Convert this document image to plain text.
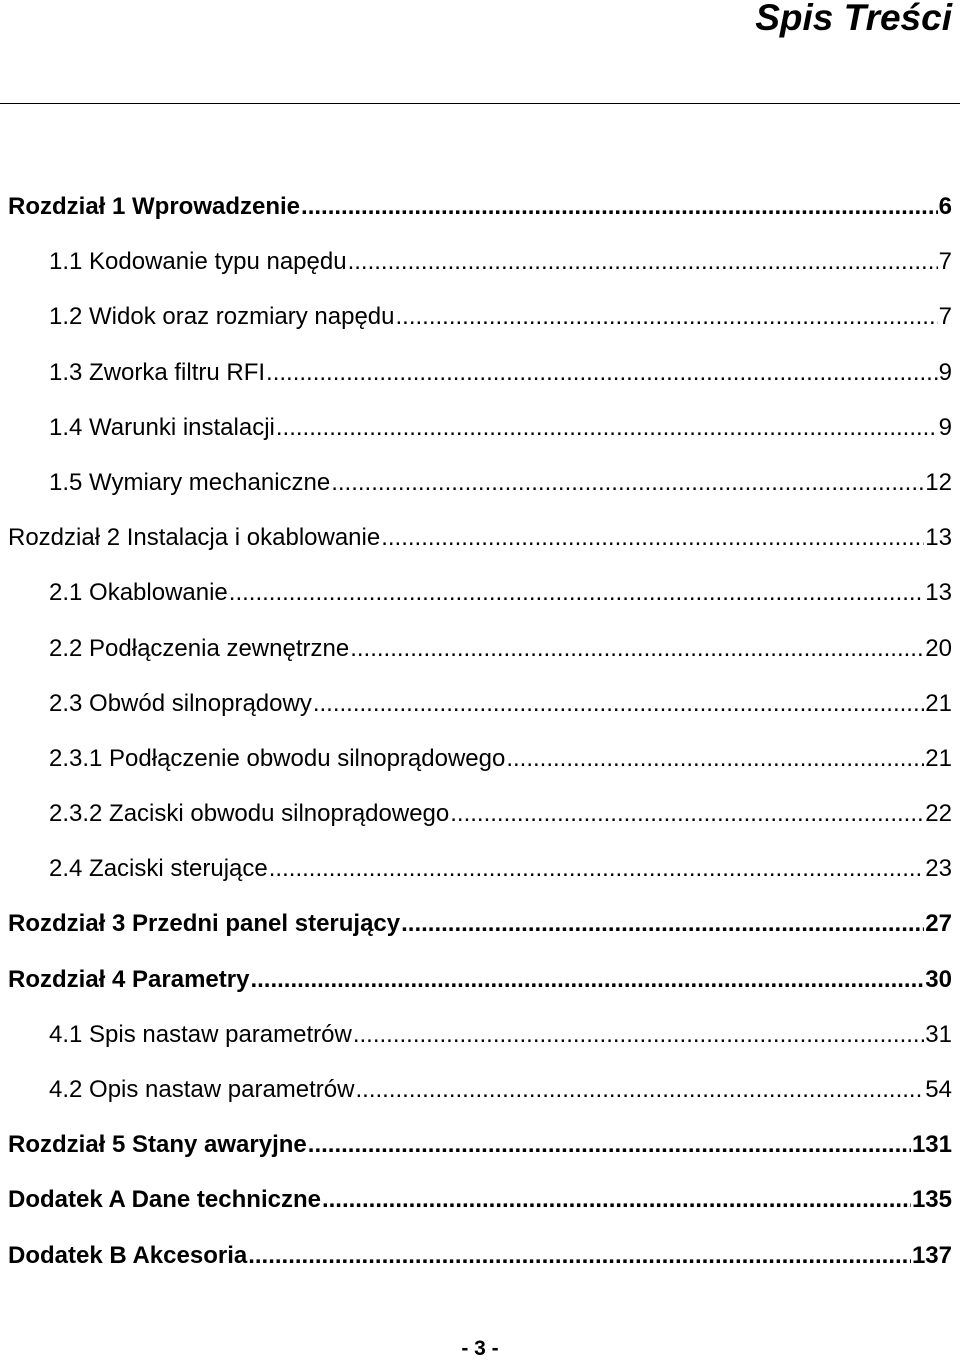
Spis Treści
Rozdział 1 Wprowadzenie .....	6
1.1 Kodowanie typu napędu .....	7
1.2 Widok oraz rozmiary napędu .....	7
1.3 Zworka filtru RFI .....	9
1.4 Warunki instalacji .....	9
1.5 Wymiary mechaniczne .....	12
Rozdział 2 Instalacja i okablowanie .....	13
2.1 Okablowanie .....	13
2.2 Podłączenia zewnętrzne .....	20
2.3 Obwód silnoprądowy .....	21
2.3.1 Podłączenie obwodu silnoprądowego .....	21
2.3.2 Zaciski obwodu silnoprądowego .....	22
2.4 Zaciski sterujące .....	23
Rozdział 3 Przedni panel sterujący .....	27
Rozdział 4 Parametry .....	30
4.1 Spis nastaw parametrów .....	31
4.2 Opis nastaw parametrów .....	54
Rozdział 5 Stany awaryjne .....	131
Dodatek A Dane techniczne .....	135
Dodatek B Akcesoria .....	137
- 3 -
